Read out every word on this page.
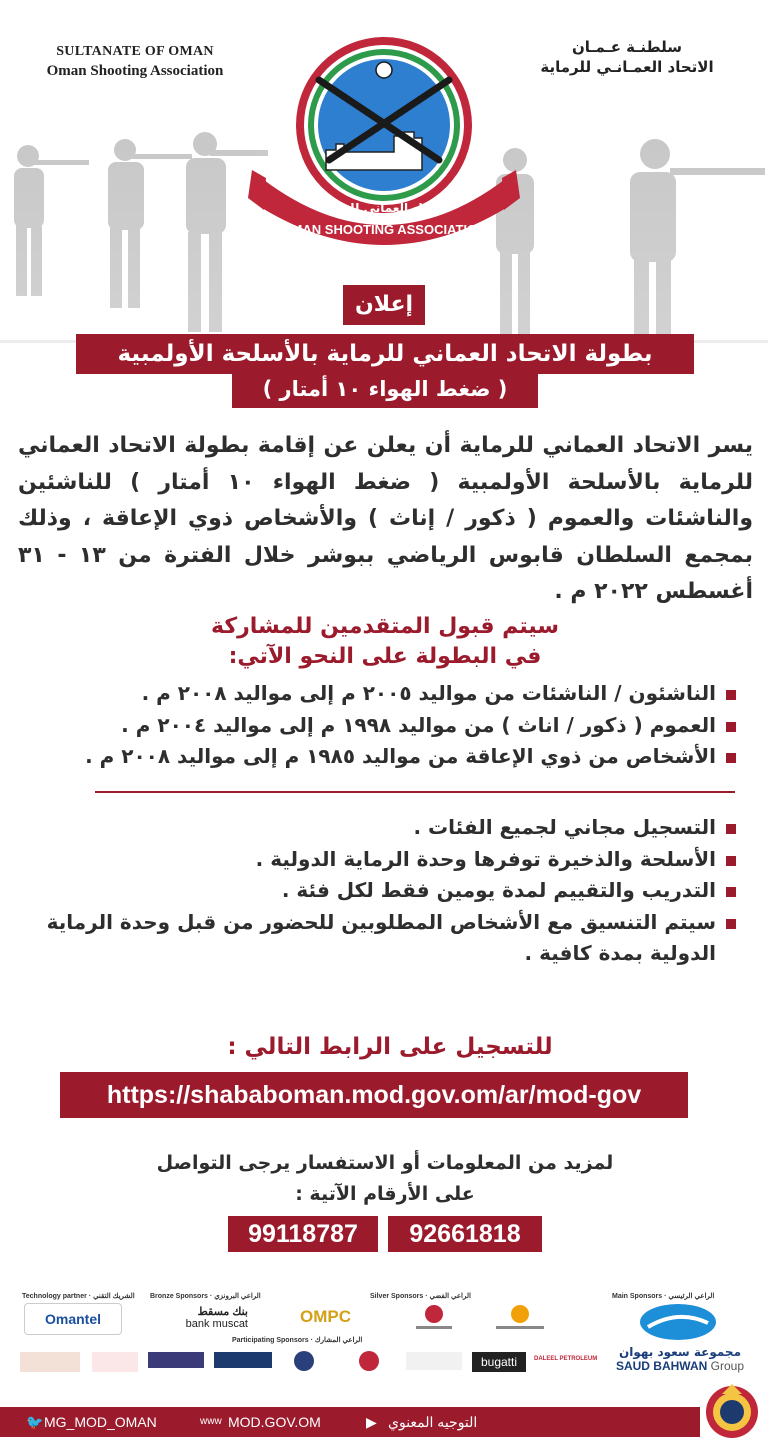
SULTANATE OF OMAN
Oman Shooting Association
سلطنـة عـمـان
الاتحاد العمـانـي للرماية
OMAN SHOOTING ASSOCIATION
الاتحاد العماني للرماية
إعلان
بطولة الاتحاد العماني للرماية بالأسلحة الأولمبية
( ضغط الهواء ١٠ أمتار )
يسر الاتحاد العماني للرماية أن يعلن عن إقامة بطولة الاتحاد العماني للرماية بالأسلحة الأولمبية ( ضغط الهواء ١٠ أمتار ) للناشئين والناشئات والعموم ( ذكور / إناث ) والأشخاص ذوي الإعاقة ، وذلك بمجمع السلطان قابوس الرياضي ببوشر خلال الفترة من ١٣ - ٣١ أغسطس ٢٠٢٢ م .
سيتم قبول المتقدمين للمشاركة
في البطولة على النحو الآتي:
الناشئون / الناشئات من مواليد ٢٠٠٥ م إلى مواليد ٢٠٠٨ م .
العموم ( ذكور / اناث ) من مواليد ١٩٩٨ م إلى مواليد ٢٠٠٤ م .
الأشخاص من ذوي الإعاقة من مواليد ١٩٨٥ م إلى مواليد ٢٠٠٨ م .
التسجيل مجاني لجميع الفئات .
الأسلحة والذخيرة توفرها وحدة الرماية الدولية .
التدريب والتقييم لمدة يومين فقط لكل فئة .
سيتم التنسيق مع الأشخاص المطلوبين للحضور من قبل وحدة الرماية الدولية بمدة كافية .
للتسجيل على الرابط التالي :
https://shababoman.mod.gov.om/ar/mod-gov
لمزيد من المعلومات أو الاستفسار يرجى التواصل
على الأرقام الآتية :
99118787	92661818
Technology partner · الشريك التقني
Omantel
Bronze Sponsors · الراعي البرونزي
بنك مسقط
bank muscat
Silver Sponsors · الراعي الفضي
OMPC
Main Sponsors · الراعي الرئيسي
مجموعة سعود بهوان
SAUD BAHWAN Group
Participating Sponsors · الراعي المشارك
bugatti	DALEEL PETROLEUM
🐦 MG_MOD_OMAN	www MOD.GOV.OM	▶ التوجيه المعنوي
